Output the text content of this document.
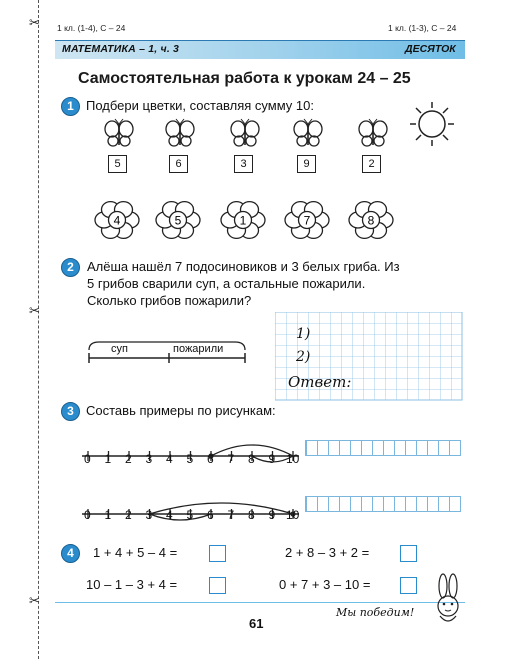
✂
✂
✂
1 кл. (1-4), С – 24	1 кл. (1-3), С – 24
МАТЕМАТИКА – 1, ч. 3	ДЕСЯТОК
Самостоятельная работа к урокам 24 – 25
1 Подбери цветки, составляя сумму 10:
5	6	3	9	2
4	5	1	7	8
2	Алёша нашёл 7 подосиновиков и 3 белых гриба. Из
5 грибов сварили суп, а остальные пожарили.
Сколько грибов пожарили?
суп	пожарили
1)
2)
Ответ:
3 Составь примеры по рисункам:
0 1 2 3 4 5 6 7 8 9 10
0 1 2 3 4 5 6 7 8 9 10
4	1 + 4 + 5 – 4 =	2 + 8 – 3 + 2 =
10 – 1 – 3 + 4 =	0 + 7 + 3 – 10 =
Мы победим!
61
